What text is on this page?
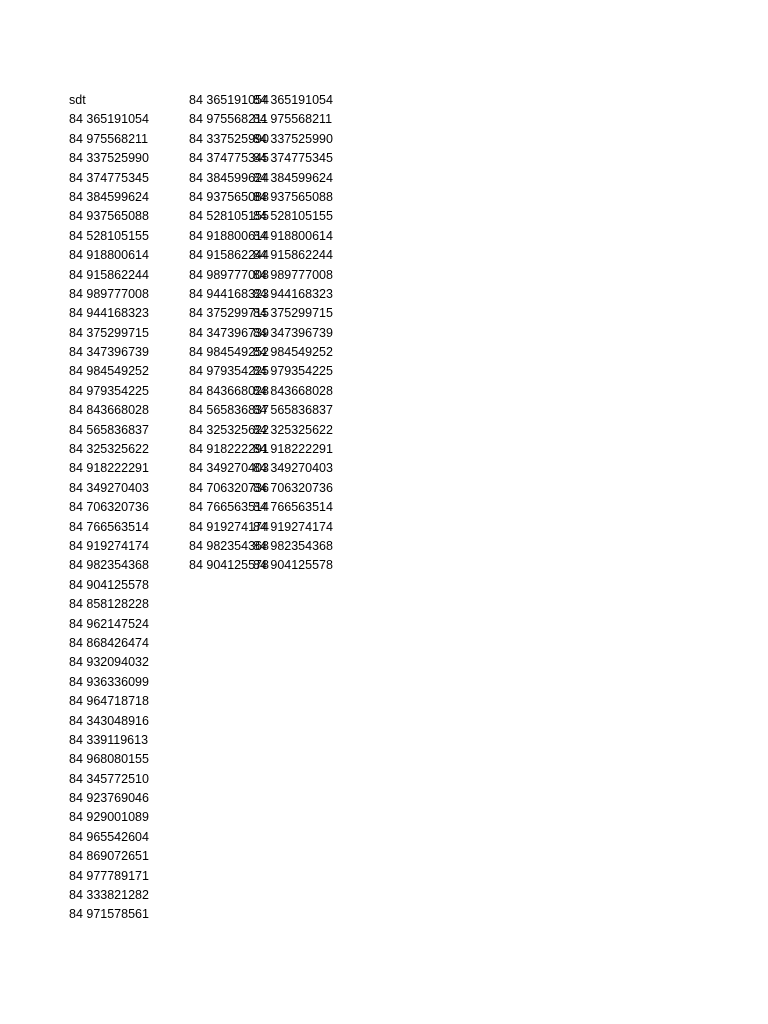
sdt
84 365191054
84 975568211
84 337525990
84 374775345
84 384599624
84 937565088
84 528105155
84 918800614
84 915862244
84 989777008
84 944168323
84 375299715
84 347396739
84 984549252
84 979354225
84 843668028
84 565836837
84 325325622
84 918222291
84 349270403
84 706320736
84 766563514
84 919274174
84 982354368
84 904125578
84 858128228
84 962147524
84 868426474
84 932094032
84 936336099
84 964718718
84 343048916
84 339119613
84 968080155
84 345772510
84 923769046
84 929001089
84 965542604
84 869072651
84 977789171
84 333821282
84 971578561
84 365191054
84 975568211
84 337525990
84 374775345
84 384599624
84 937565088
84 528105155
84 918800614
84 915862244
84 989777008
84 944168323
84 375299715
84 347396739
84 984549252
84 979354225
84 843668028
84 565836837
84 325325622
84 918222291
84 349270403
84 706320736
84 766563514
84 919274174
84 982354368
84 904125578
84 365191054
84 975568211
84 337525990
84 374775345
84 384599624
84 937565088
84 528105155
84 918800614
84 915862244
84 989777008
84 944168323
84 375299715
84 347396739
84 984549252
84 979354225
84 843668028
84 565836837
84 325325622
84 918222291
84 349270403
84 706320736
84 766563514
84 919274174
84 982354368
84 904125578
